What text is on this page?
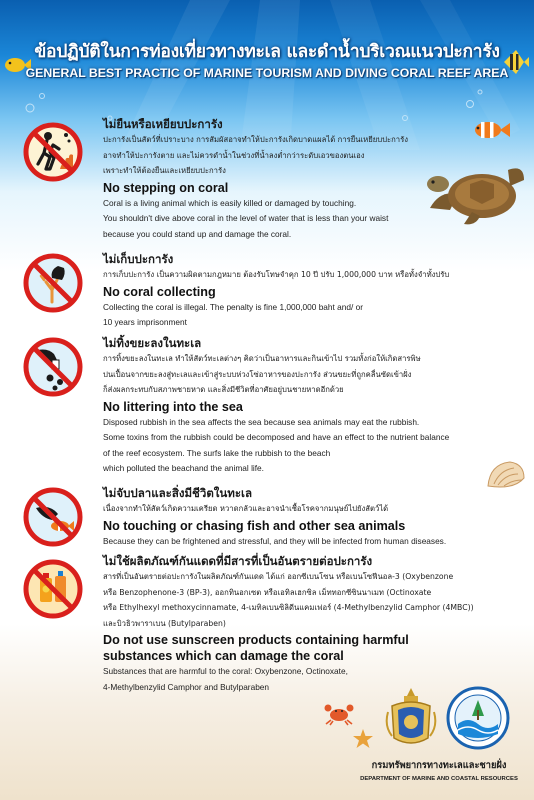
ข้อปฏิบัติในการท่องเที่ยวทางทะเล และดำน้ำบริเวณแนวปะการัง
GENERAL BEST PRACTIC OF MARINE TOURISM AND DIVING CORAL REEF AREA
ไม่ยืนหรือเหยียบปะการัง
ปะการังเป็นสัตว์ที่เปราะบาง การสัมผัสอาจทำให้ปะการังเกิดบาดแผลได้ การยืนเหยียบปะการัง
อาจทำให้ปะการังตาย และไม่ควรดำน้ำในช่วงที่น้ำลงต่ำกว่าระดับเอวของตนเอง
เพราะทำให้ต้องยืนและเหยียบปะการัง
No stepping on coral
Coral is a living animal which is easily killed or damaged by touching.
You shouldn't dive above coral in the level of water that is less than your waist
because you could stand up and damage the coral.
ไม่เก็บปะการัง
การเก็บปะการัง เป็นความผิดตามกฎหมาย ต้องรับโทษจำคุก 10 ปี ปรับ 1,000,000 บาท หรือทั้งจำทั้งปรับ
No coral collecting
Collecting the coral is illegal. The penalty is fine 1,000,000 baht and/ or
10 years imprisonment
ไม่ทิ้งขยะลงในทะเล
การทิ้งขยะลงในทะเล ทำให้สัตว์ทะเลต่างๆ คิดว่าเป็นอาหารและกินเข้าไป รวมทั้งก่อให้เกิดสารพิษ
ปนเปื้อนจากขยะลงสู่ทะเลและเข้าสู่ระบบห่วงโซ่อาหารของปะการัง ส่วนขยะที่ถูกคลื่นซัดเข้าฝั่ง
ก็ส่งผลกระทบกับสภาพชายหาด และสิ่งมีชีวิตที่อาศัยอยู่บนชายหาดอีกด้วย
No littering into the sea
Disposed rubbish in the sea affects the sea because sea animals may eat the rubbish.
Some toxins from the rubbish could be decomposed and have an effect to the nutrient balance
of the reef ecosystem. The surfs lake the rubbish to the beach
which polluted the beachand the animal life.
ไม่จับปลาและสิ่งมีชีวิตในทะเล
เนื่องจากทำให้สัตว์เกิดความเครียด หวาดกลัวและอาจนำเชื้อโรคจากมนุษย์ไปยังสัตว์ได้
No touching or chasing fish and other sea animals
Because they can be frightened and stressful, and they will be infected from human diseases.
ไม่ใช้ผลิตภัณฑ์กันแดดที่มีสารที่เป็นอันตรายต่อปะการัง
สารที่เป็นอันตรายต่อปะการังในผลิตภัณฑ์กันแดด ได้แก่ ออกซีเบนโซน หรือเบนโซฟีนอล-3 (Oxybenzone
หรือ Benzophenone-3 (BP-3), ออกทินอกเซต หรือเอทิลเฮกซิล เม็ททอกซีซินนาเมท (Octinoxate
หรือ Ethylhexyl methoxycinnamate, 4-เมทิลเบนซิลิดีนแคมเฟอร์ (4-Methylbenzylid Camphor (4MBC))
และบิวธิวพาราเบน (Butylparaben)
Do not use sunscreen products containing harmful
substances which can damage the coral
Substances that are harmful to the coral: Oxybenzone, Octinoxate,
4-Methylbenzylid Camphor and Butylparaben
กรมทรัพยากรทางทะเลและชายฝั่ง
DEPARTMENT OF MARINE AND COASTAL RESOURCES
